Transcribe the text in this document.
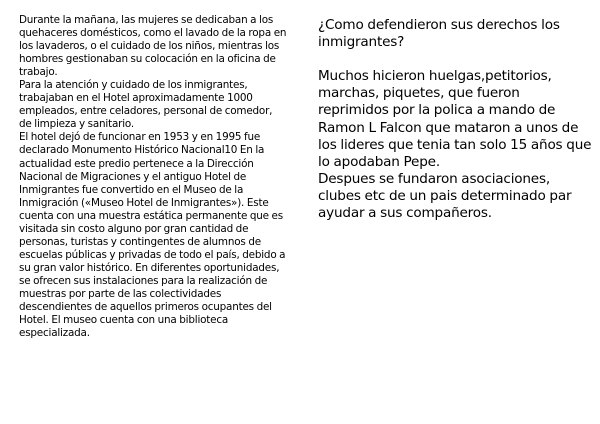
Durante la mañana, las mujeres se dedicaban a los quehaceres domésticos, como el lavado de la ropa en los lavaderos, o el cuidado de los niños, mientras los hombres gestionaban su colocación en la oficina de trabajo.

Para la atención y cuidado de los inmigrantes, trabajaban en el Hotel aproximadamente 1000 empleados, entre celadores, personal de comedor, de limpieza y sanitario.

El hotel dejó de funcionar en 1953 y en 1995 fue declarado Monumento Histórico Nacional10 En la actualidad este predio pertenece a la Dirección Nacional de Migraciones y el antiguo Hotel de Inmigrantes fue convertido en el Museo de la Inmigración («Museo Hotel de Inmigrantes»). Este cuenta con una muestra estática permanente que es visitada sin costo alguno por gran cantidad de personas, turistas y contingentes de alumnos de escuelas públicas y privadas de todo el país, debido a su gran valor histórico. En diferentes oportunidades, se ofrecen sus instalaciones para la realización de muestras por parte de las colectividades descendientes de aquellos primeros ocupantes del Hotel. El museo cuenta con una biblioteca especializada.

¿Como defendieron sus derechos los inmigrantes?

Muchos hicieron huelgas,petitorios, marchas, piquetes, que fueron reprimidos por la polica a mando de Ramon L Falcon que mataron a unos de los lideres que tenia tan solo 15 años que lo apodaban Pepe.

Despues se fundaron asociaciones, clubes etc de un pais determinado par ayudar a sus compañeros.
